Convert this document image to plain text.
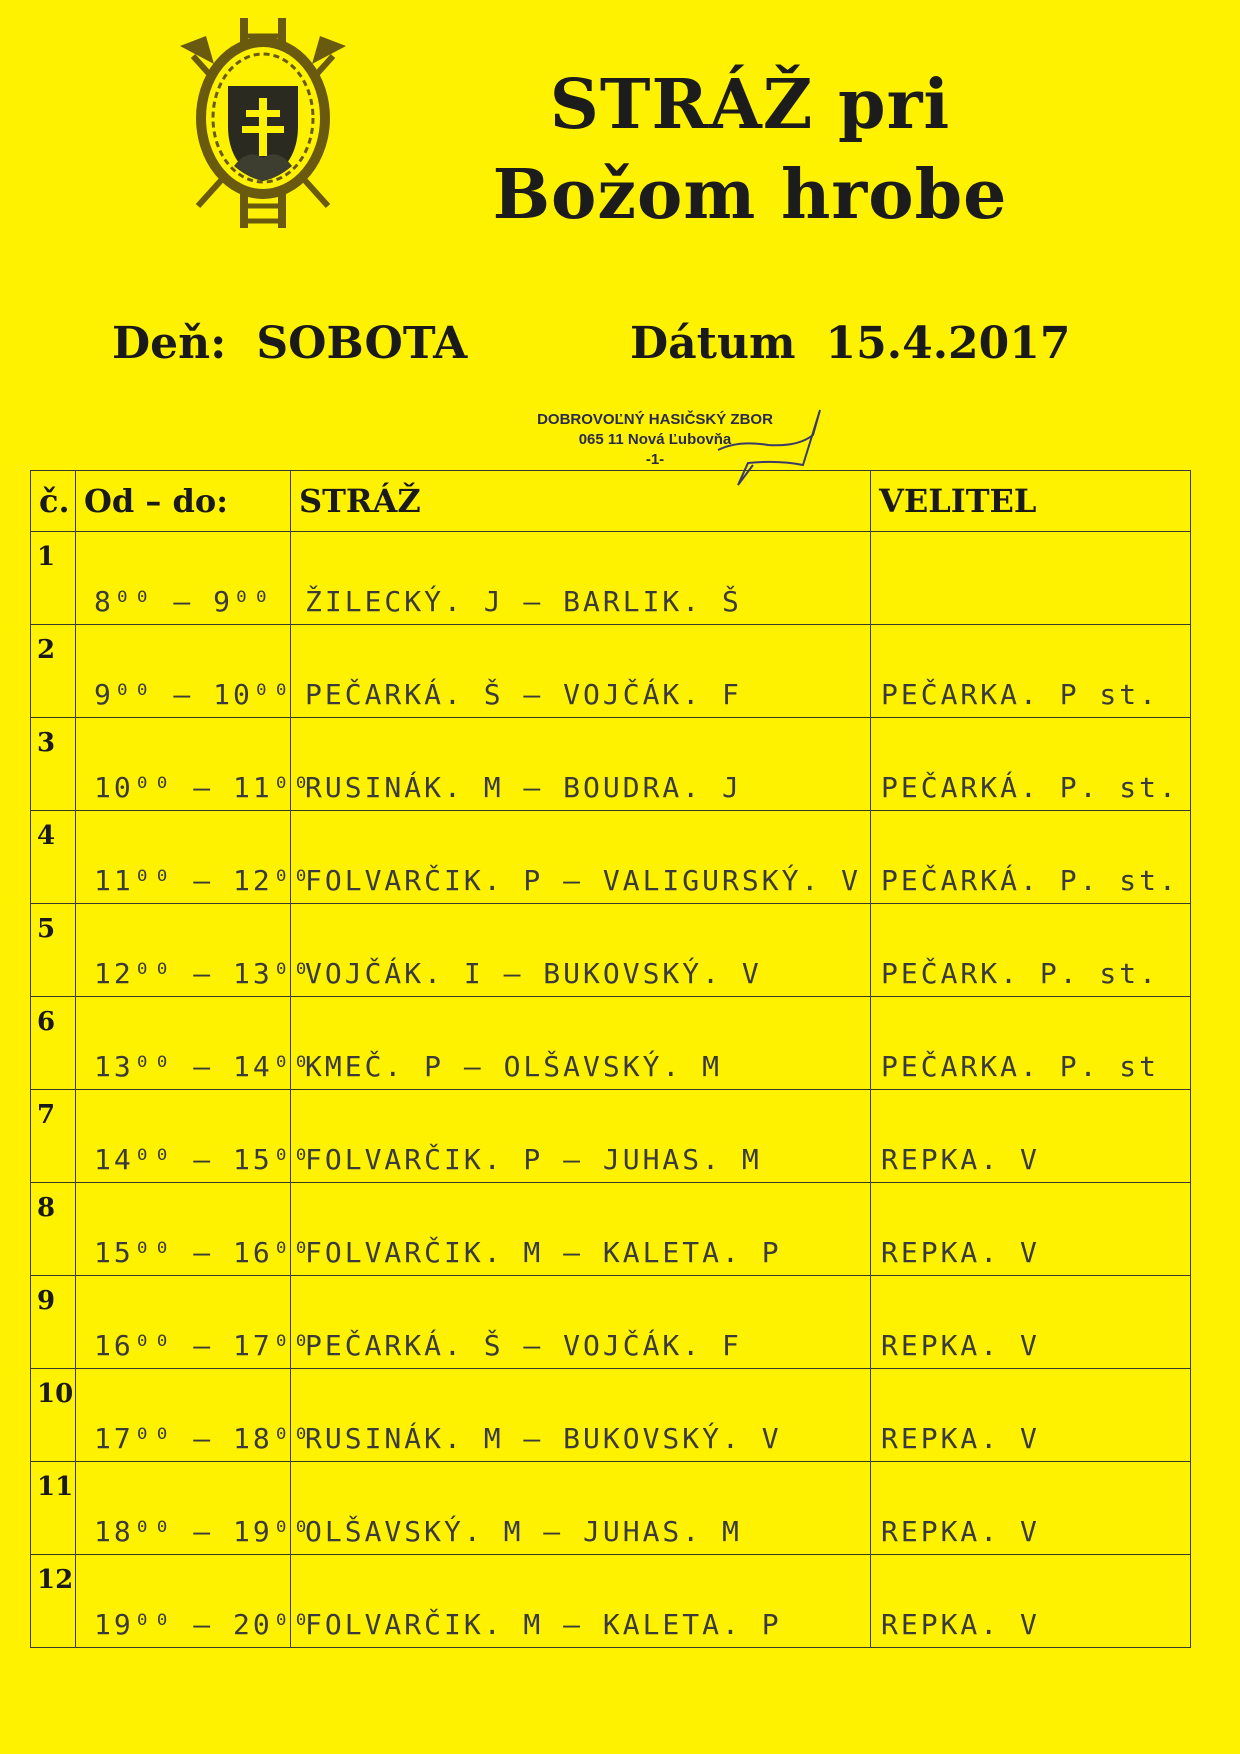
STRÁŽ pri
Božom hrobe
Deň: SOBOTA	Dátum 15.4.2017
DOBROVOĽNÝ HASIČSKÝ ZBOR
065 11 Nová Ľubovňa
-1-
č.	Od – do:	STRÁŽ	VELITEL

1	8⁰⁰ – 9⁰⁰	ŽILECKÝ. J – BARLIK. Š	

2	9⁰⁰ – 10⁰⁰	PEČARKÁ. Š – VOJČÁK. F	PEČARKA. P st.

3	10⁰⁰ – 11⁰⁰	RUSINÁK. M – BOUDRA. J	PEČARKÁ. P. st.

4	11⁰⁰ – 12⁰⁰	FOLVARČIK. P – VALIGURSKÝ. V	PEČARKÁ. P. st.

5	12⁰⁰ – 13⁰⁰	VOJČÁK. I – BUKOVSKÝ. V	PEČARK. P. st.

6	13⁰⁰ – 14⁰⁰	KMEČ. P – OLŠAVSKÝ. M	PEČARKA. P. st

7	14⁰⁰ – 15⁰⁰	FOLVARČIK. P – JUHAS. M	REPKA. V

8	15⁰⁰ – 16⁰⁰	FOLVARČIK. M – KALETA. P	REPKA. V

9	16⁰⁰ – 17⁰⁰	PEČARKÁ. Š – VOJČÁK. F	REPKA. V

10	17⁰⁰ – 18⁰⁰	RUSINÁK. M – BUKOVSKÝ. V	REPKA. V

11	18⁰⁰ – 19⁰⁰	OLŠAVSKÝ. M – JUHAS. M	REPKA. V

12	19⁰⁰ – 20⁰⁰	FOLVARČIK. M – KALETA. P	REPKA. V
